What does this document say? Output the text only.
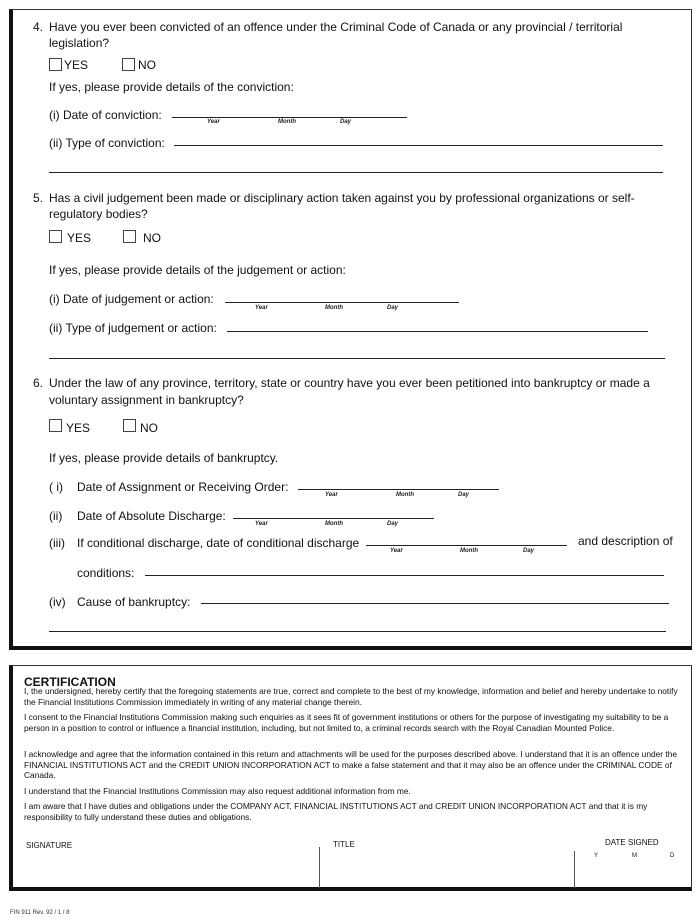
4. Have you ever been convicted of an offence under the Criminal Code of Canada or any provincial / territorial
legislation?
YES	NO
If yes, please provide details of the conviction:
(i) Date of conviction:	Year	Month	Day
(ii) Type of conviction:
5. Has a civil judgement been made or disciplinary action taken against you by professional organizations or self-
regulatory bodies?
YES	NO
If yes, please provide details of the judgement or action:
(i) Date of judgement or action:
Year	Month	Day
(ii) Type of judgement or action:
6. Under the law of any province, territory, state or country have you ever been petitioned into bankruptcy or made a
voluntary assignment in bankruptcy?
YES	NO
If yes, please provide details of bankruptcy.
( i) Date of Assignment or Receiving Order:
Year	Month	Day
(ii) Date of Absolute Discharge:
Year	Month	Day
(iii) If conditional discharge, date of conditional discharge
Year	Month	Day
and description of
conditions:
(iv) Cause of bankruptcy:
CERTIFICATION

I, the undersigned, hereby certify that the foregoing statements are true, correct and complete to the best of my knowledge, information and belief and hereby undertake to notify the Financial Institutions Commission immediately in writing of any material change therein.

I consent to the Financial Institutions Commission making such enquiries as it sees fit of government institutions or others for the purpose of investigating my suitability to be a person in a position to control or influence a financial institution, including, but not limited to, a criminal records search with the Royal Canadian Mounted Police.

I acknowledge and agree that the information contained in this return and attachments will be used for the purposes described above. I understand that it is an offence under the FINANCIAL INSTITUTIONS ACT and the CREDIT UNION INCORPORATION ACT to make a false statement and that it may also be an offence under the CRIMINAL CODE of Canada.

I understand that the Financial Institutions Commission may also request additional information from me.

I am aware that I have duties and obligations under the COMPANY ACT, FINANCIAL INSTITUTIONS ACT and CREDIT UNION INCORPORATION ACT and that it is my responsibility to fully understand these duties and obligations.

SIGNATURE	TITLE	DATE SIGNED
Y	M	D
FIN 911 Rev. 92 / 1 / 8
